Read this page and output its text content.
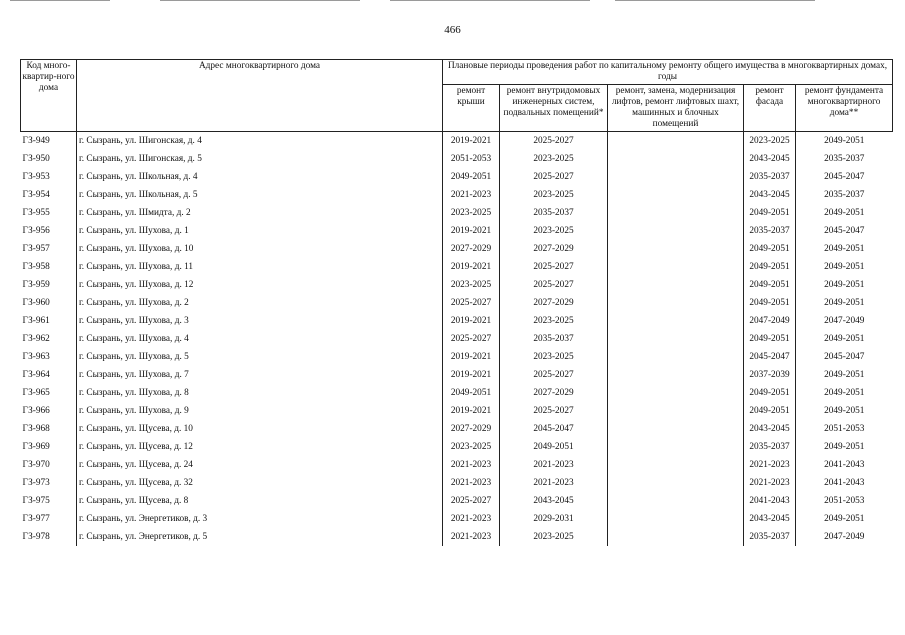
466
Код много-квартир-ного дома	Адрес многоквартирного дома	Плановые периоды проведения работ по капитальному ремонту общего имущества в многоквартирных домах, годы				
		ремонт крыши	ремонт внутридомовых инженерных систем, подвальных помещений*	ремонт, замена, модернизация лифтов, ремонт лифтовых шахт, машинных и блочных помещений	ремонт фасада	ремонт фундамента многоквартирного дома**
ГЗ-949	г. Сызрань, ул. Шигонская, д. 4	2019-2021	2025-2027		2023-2025	2049-2051
ГЗ-950	г. Сызрань, ул. Шигонская, д. 5	2051-2053	2023-2025		2043-2045	2035-2037
ГЗ-953	г. Сызрань, ул. Школьная, д. 4	2049-2051	2025-2027		2035-2037	2045-2047
ГЗ-954	г. Сызрань, ул. Школьная, д. 5	2021-2023	2023-2025		2043-2045	2035-2037
ГЗ-955	г. Сызрань, ул. Шмидта, д. 2	2023-2025	2035-2037		2049-2051	2049-2051
ГЗ-956	г. Сызрань, ул. Шухова, д. 1	2019-2021	2023-2025		2035-2037	2045-2047
ГЗ-957	г. Сызрань, ул. Шухова, д. 10	2027-2029	2027-2029		2049-2051	2049-2051
ГЗ-958	г. Сызрань, ул. Шухова, д. 11	2019-2021	2025-2027		2049-2051	2049-2051
ГЗ-959	г. Сызрань, ул. Шухова, д. 12	2023-2025	2025-2027		2049-2051	2049-2051
ГЗ-960	г. Сызрань, ул. Шухова, д. 2	2025-2027	2027-2029		2049-2051	2049-2051
ГЗ-961	г. Сызрань, ул. Шухова, д. 3	2019-2021	2023-2025		2047-2049	2047-2049
ГЗ-962	г. Сызрань, ул. Шухова, д. 4	2025-2027	2035-2037		2049-2051	2049-2051
ГЗ-963	г. Сызрань, ул. Шухова, д. 5	2019-2021	2023-2025		2045-2047	2045-2047
ГЗ-964	г. Сызрань, ул. Шухова, д. 7	2019-2021	2025-2027		2037-2039	2049-2051
ГЗ-965	г. Сызрань, ул. Шухова, д. 8	2049-2051	2027-2029		2049-2051	2049-2051
ГЗ-966	г. Сызрань, ул. Шухова, д. 9	2019-2021	2025-2027		2049-2051	2049-2051
ГЗ-968	г. Сызрань, ул. Щусева, д. 10	2027-2029	2045-2047		2043-2045	2051-2053
ГЗ-969	г. Сызрань, ул. Щусева, д. 12	2023-2025	2049-2051		2035-2037	2049-2051
ГЗ-970	г. Сызрань, ул. Щусева, д. 24	2021-2023	2021-2023		2021-2023	2041-2043
ГЗ-973	г. Сызрань, ул. Щусева, д. 32	2021-2023	2021-2023		2021-2023	2041-2043
ГЗ-975	г. Сызрань, ул. Щусева, д. 8	2025-2027	2043-2045		2041-2043	2051-2053
ГЗ-977	г. Сызрань, ул. Энергетиков, д. 3	2021-2023	2029-2031		2043-2045	2049-2051
ГЗ-978	г. Сызрань, ул. Энергетиков, д. 5	2021-2023	2023-2025		2035-2037	2047-2049
